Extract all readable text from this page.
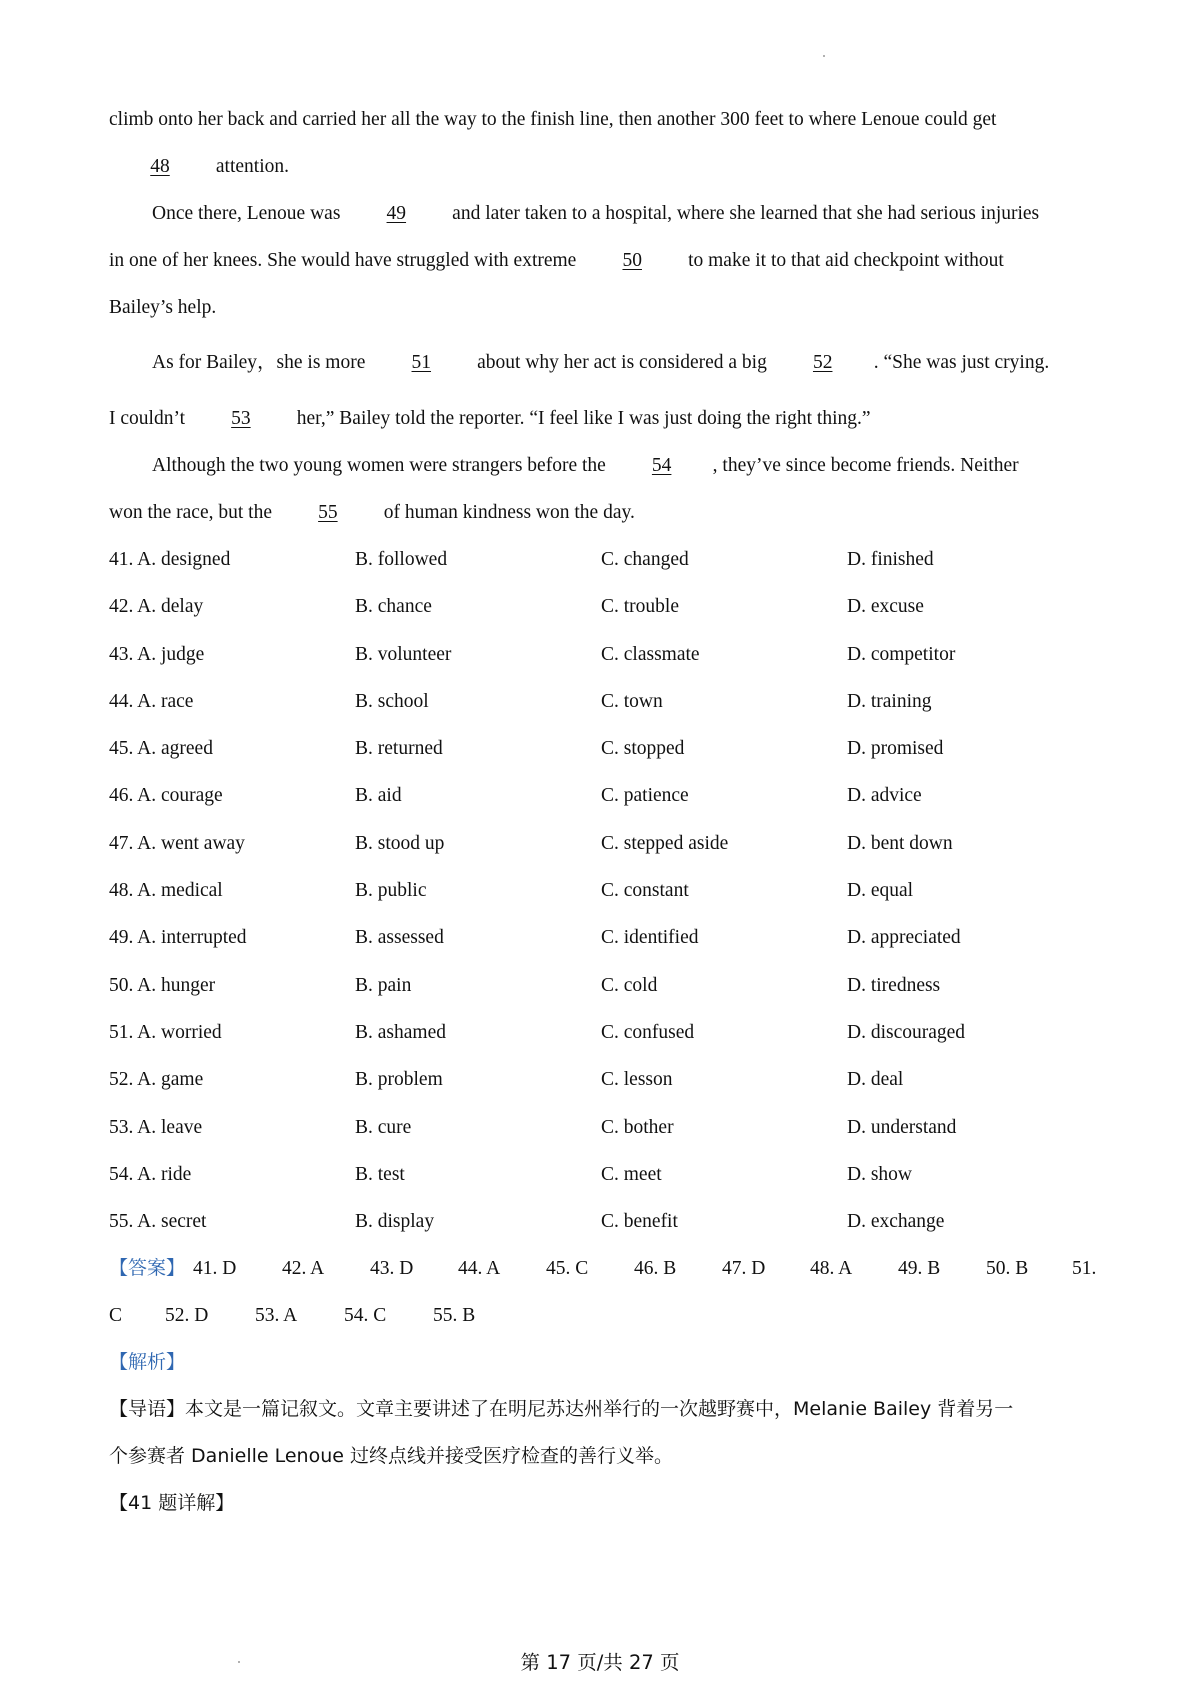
climb onto her back and carried her all the way to the finish line, then another 300 feet to where Lenoue could get
48 attention.
Once there, Lenoue was 49 and later taken to a hospital, where she learned that she had serious injuries
in one of her knees. She would have struggled with extreme 50 to make it to that aid checkpoint without
Bailey’s help.
As for Bailey，she is more 51 about why her act is considered a big 52 . “She was just crying.
I couldn’t 53 her,” Bailey told the reporter. “I feel like I was just doing the right thing.”
Although the two young women were strangers before the 54 , they’ve since become friends. Neither
won the race, but the 55 of human kindness won the day.
41. A. designed	B. followed	C. changed	D. finished
42. A. delay	B. chance	C. trouble	D. excuse
43. A. judge	B. volunteer	C. classmate	D. competitor
44. A. race	B. school	C. town	D. training
45. A. agreed	B. returned	C. stopped	D. promised
46. A. courage	B. aid	C. patience	D. advice
47. A. went away	B. stood up	C. stepped aside	D. bent down
48. A. medical	B. public	C. constant	D. equal
49. A. interrupted	B. assessed	C. identified	D. appreciated
50. A. hunger	B. pain	C. cold	D. tiredness
51. A. worried	B. ashamed	C. confused	D. discouraged
52. A. game	B. problem	C. lesson	D. deal
53. A. leave	B. cure	C. bother	D. understand
54. A. ride	B. test	C. meet	D. show
55. A. secret	B. display	C. benefit	D. exchange
【答案】 41. D 42. A 43. D 44. A 45. C 46. B 47. D 48. A 49. B 50. B 51.
C 52. D 53. A 54. C 55. B
【解析】
【导语】本文是一篇记叙文。文章主要讲述了在明尼苏达州举行的一次越野赛中，Melanie Bailey 背着另一
个参赛者 Danielle Lenoue 过终点线并接受医疗检查的善行义举。
【41 题详解】
第 17 页/共 27 页
